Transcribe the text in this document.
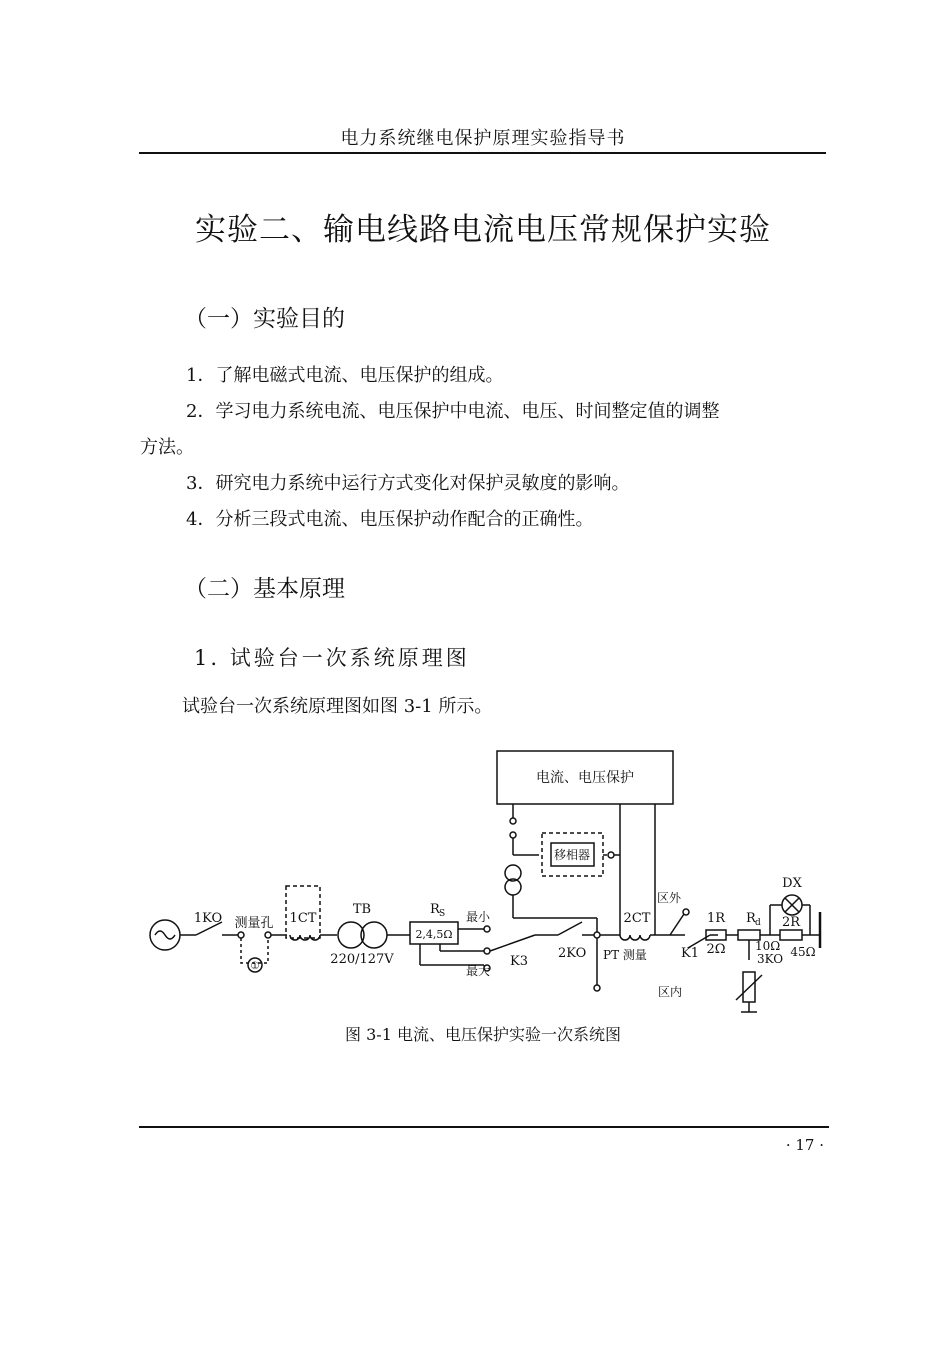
电力系统继电保护原理实验指导书
实验二、输电线路电流电压常规保护实验
（一）实验目的
1．了解电磁式电流、电压保护的组成。
2．学习电力系统电流、电压保护中电流、电压、时间整定值的调整
方法。
3．研究电力系统中运行方式变化对保护灵敏度的影响。
4．分析三段式电流、电压保护动作配合的正确性。
（二）基本原理
1. 试验台一次系统原理图
试验台一次系统原理图如图 3-1 所示。
电流、电压保护
移相器
1KO 测量孔 1CT
TB
220/127V
R S
2,4,5Ω
最小
最大
K3
2KO
2CT
PT 测量
区外
区内
K1
1R
2Ω
R d
10Ω
3KO
DX
2R
45Ω
①
图 3-1 电流、电压保护实验一次系统图
· 17 ·
